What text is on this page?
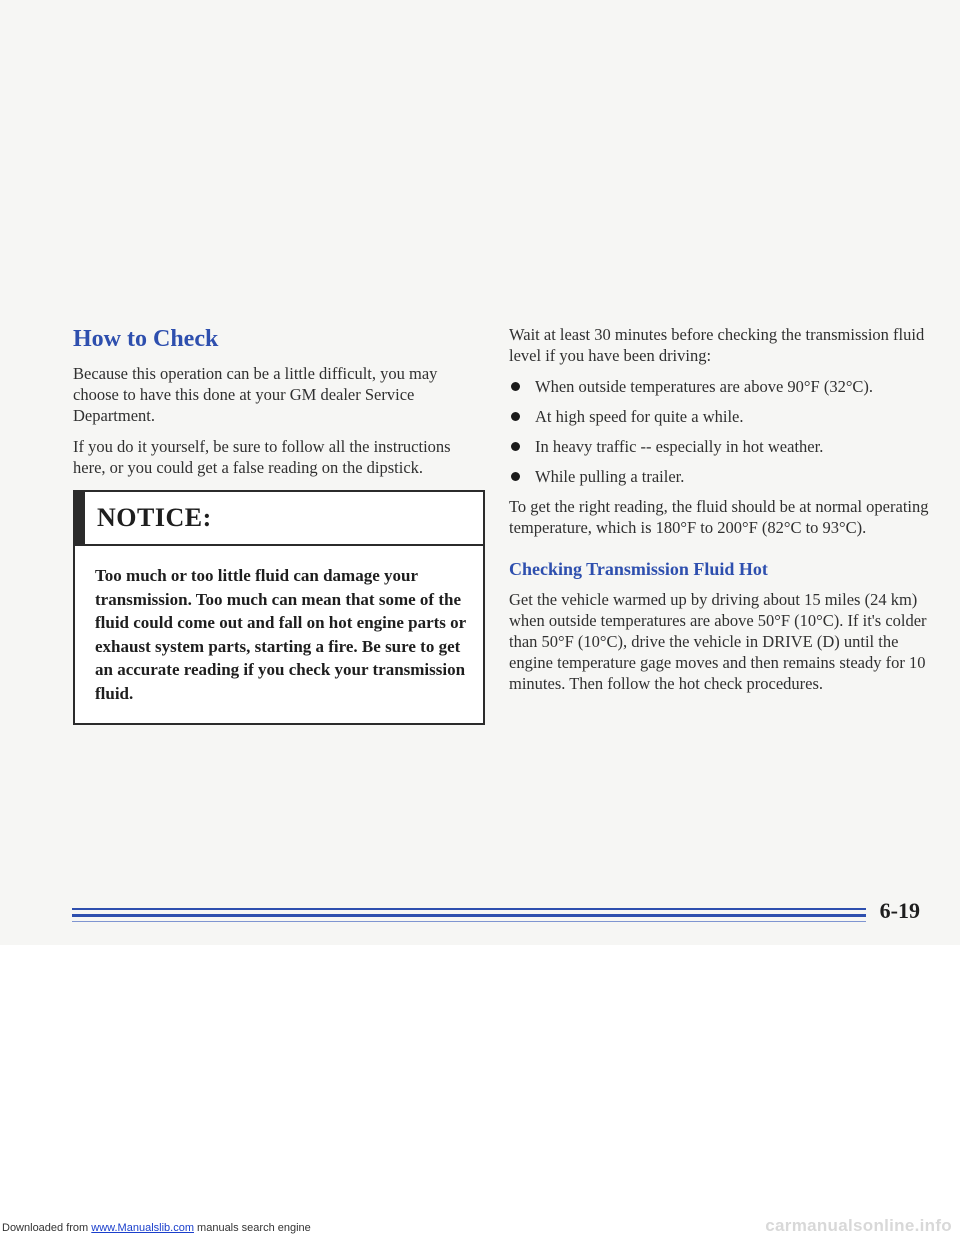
How to Check

Because this operation can be a little difficult, you may choose to have this done at your GM dealer Service Department.

If you do it yourself, be sure to follow all the instructions here, or you could get a false reading on the dipstick.

NOTICE:
Too much or too little fluid can damage your transmission. Too much can mean that some of the fluid could come out and fall on hot engine parts or exhaust system parts, starting a fire. Be sure to get an accurate reading if you check your transmission fluid.

Wait at least 30 minutes before checking the transmission fluid level if you have been driving:

When outside temperatures are above 90°F (32°C).
At high speed for quite a while.
In heavy traffic -- especially in hot weather.
While pulling a trailer.

To get the right reading, the fluid should be at normal operating temperature, which is 180°F to 200°F (82°C to 93°C).

Checking Transmission Fluid Hot

Get the vehicle warmed up by driving about 15 miles (24 km) when outside temperatures are above 50°F (10°C). If it's colder than 50°F (10°C), drive the vehicle in DRIVE (D) until the engine temperature gage moves and then remains steady for 10 minutes. Then follow the hot check procedures.

6-19
Downloaded from www.Manualslib.com manuals search engine	carmanualsonline.info
